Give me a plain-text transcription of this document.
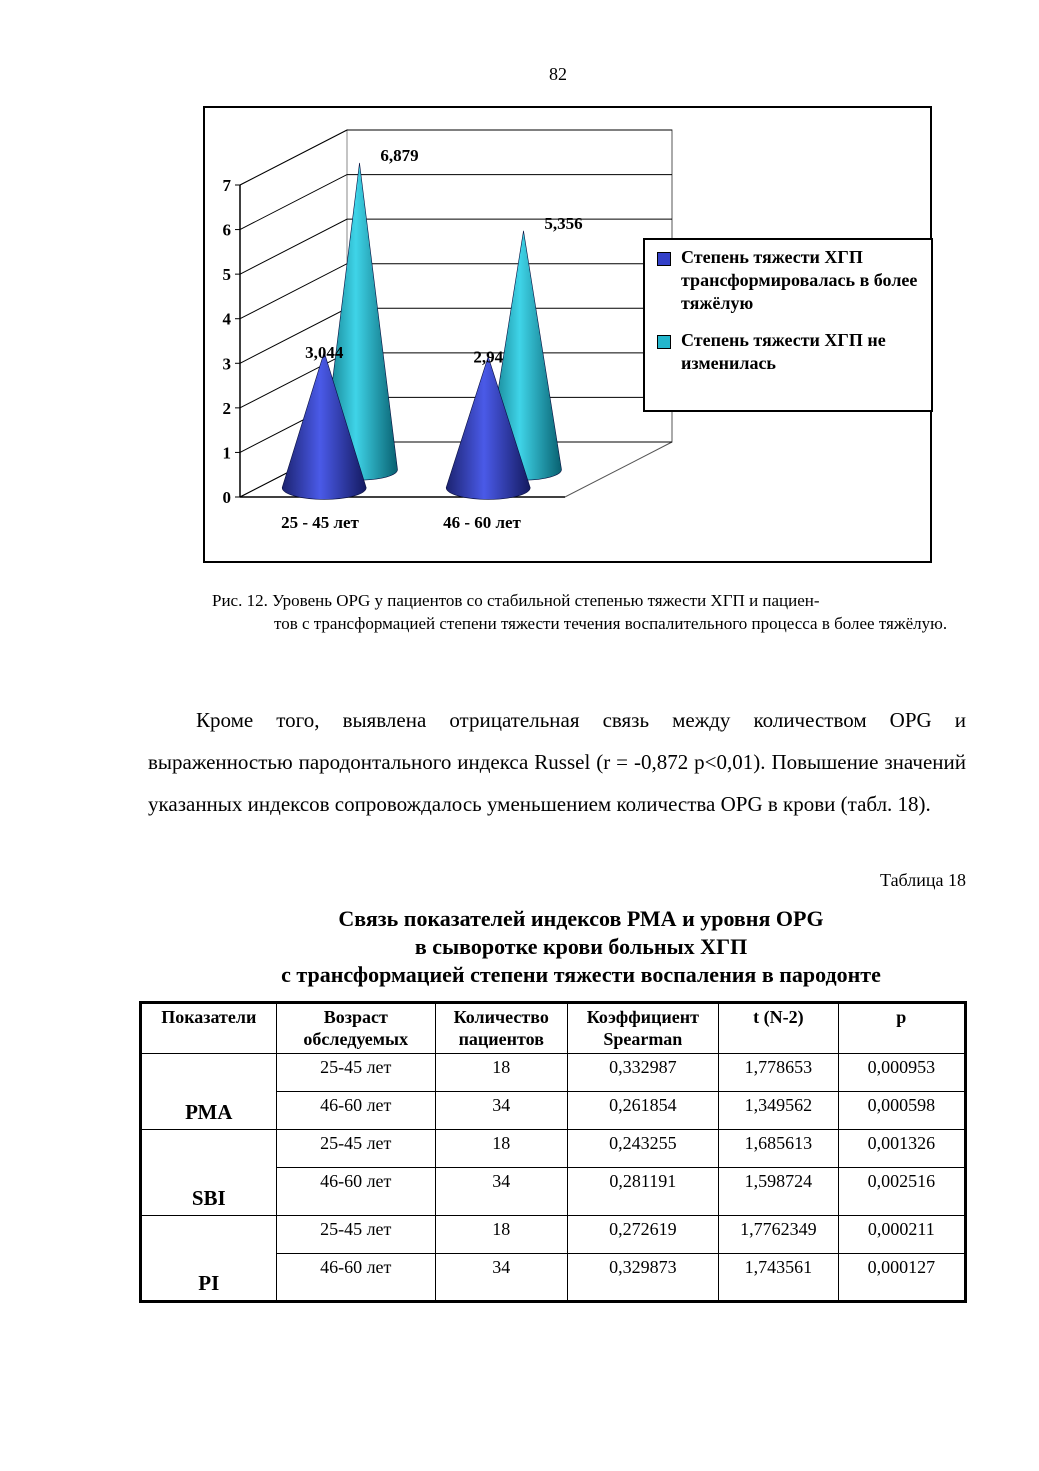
82
0
1
2
3
4
5
6
7
25 - 45 лет	46 - 60 лет
6,879
5,356
3,044	2,94
Степень тяжести ХГП трансформировалась в более тяжёлую
Степень тяжести ХГП не изменилась
Рис. 12. Уровень OPG у пациентов со стабильной степенью тяжести ХГП и пациен-
тов с трансформацией степени тяжести течения воспалительного процесса в более тяжёлую.

Кроме того, выявлена отрицательная связь между количеством OPG и выраженностью пародонтального индекса Russel (r = -0,872 p<0,01). Повышение значений указанных индексов сопровождалось уменьшением количества OPG в крови (табл. 18).

Таблица 18
Связь показателей индексов РМА и уровня OPG
в сыворотке крови больных ХГП
с трансформацией степени тяжести воспаления в пародонте
Показатели	Возраст обследуемых	Количество пациентов	Коэффициент Spearman	t (N-2)	p
РМА	25-45 лет	18	0,332987	1,778653	0,000953
	46-60 лет	34	0,261854	1,349562	0,000598
SBI	25-45 лет	18	0,243255	1,685613	0,001326
	46-60 лет	34	0,281191	1,598724	0,002516
PI	25-45 лет	18	0,272619	1,7762349	0,000211
	46-60 лет	34	0,329873	1,743561	0,000127
